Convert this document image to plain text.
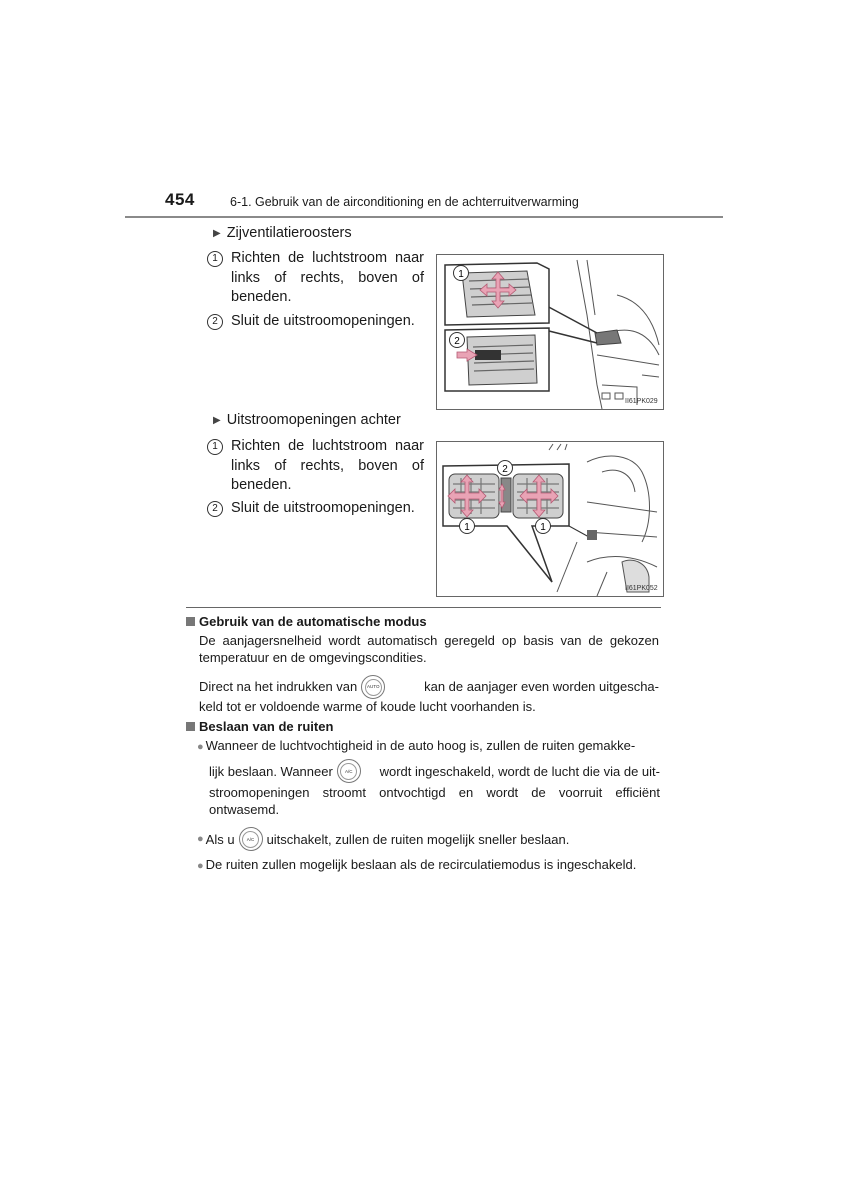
454	6-1. Gebruik van de airconditioning en de achterruitverwarming
▶ Zijventilatieroosters
1 Richten de luchtstroom naar links of rechts, boven of beneden.
2 Sluit de uitstroomopeningen.
1
2
II61PK029
▶ Uitstroomopeningen achter
1 Richten de luchtstroom naar links of rechts, boven of beneden.
2 Sluit de uitstroomopeningen.
2
1	1
II61PK052
Gebruik van de automatische modus
De aanjagersnelheid wordt automatisch geregeld op basis van de gekozen temperatuur en de omgevingscondities.
Direct na het indrukken van	AUTO	kan de aanjager even worden uitgescha-
keld tot er voldoende warme of koude lucht voorhanden is.
Beslaan van de ruiten
● Wanneer de luchtvochtigheid in de auto hoog is, zullen de ruiten gemakke-
lijk beslaan. Wanneer	A/C	wordt ingeschakeld, wordt de lucht die via de uit-
stroomopeningen stroomt ontvochtigd en wordt de voorruit efficiënt ontwasemd.
● Als u	A/C uitschakelt, zullen de ruiten mogelijk sneller beslaan.
● De ruiten zullen mogelijk beslaan als de recirculatiemodus is ingeschakeld.
